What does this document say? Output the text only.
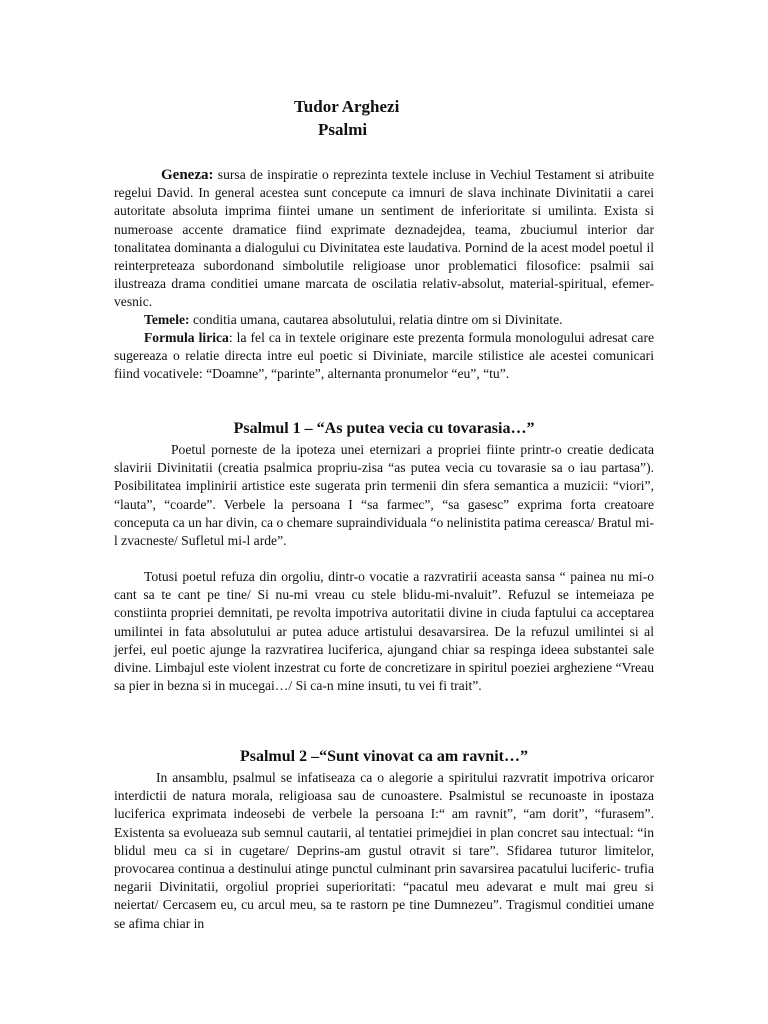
Tudor Arghezi
Psalmi
Geneza: sursa de inspiratie o reprezinta textele incluse in Vechiul Testament si atribuite regelui David. In general acestea sunt concepute ca imnuri de slava inchinate Divinitatii a carei autoritate absoluta imprima fiintei umane un sentiment de inferioritate si umilinta. Exista si numeroase accente dramatice fiind exprimate deznadejdea, teama, zbuciumul interior dar tonalitatea dominanta a dialogului cu Divinitatea este laudativa. Pornind de la acest model poetul il reinterpreteaza subordonand simbolutile religioase unor problematici filosofice: psalmii sai ilustreaza drama conditiei umane marcata de oscilatia relativ-absolut, material-spiritual, efemer-vesnic.
Temele: conditia umana, cautarea absolutului, relatia dintre om si Divinitate.
Formula lirica: la fel ca in textele originare este prezenta formula monologului adresat care sugereaza o relatie directa intre eul poetic si Diviniate, marcile stilistice ale acestei comunicari fiind vocativele: “Doamne”, “parinte”, alternanta pronumelor “eu”, “tu”.
Psalmul 1 – “As putea vecia cu tovarasia…”
Poetul porneste de la ipoteza unei eternizari a propriei fiinte printr-o creatie dedicata slavirii Divinitatii (creatia psalmica propriu-zisa “as putea vecia cu tovarasie sa o iau partasa”). Posibilitatea implinirii artistice este sugerata prin termenii din sfera semantica a muzicii: “viori”, “lauta”, “coarde”. Verbele la persoana I “sa farmec”, “sa gasesc” exprima forta creatoare conceputa ca un har divin, ca o chemare supraindividuala “o nelinistita patima cereasca/ Bratul mi-l zvacneste/ Sufletul mi-l arde”.
Totusi poetul refuza din orgoliu, dintr-o vocatie a razvratirii aceasta sansa “ painea nu mi-o cant sa te cant pe tine/ Si nu-mi vreau cu stele blidu-mi-nvaluit”. Refuzul se intemeiaza pe constiinta propriei demnitati, pe revolta impotriva autoritatii divine in ciuda faptului ca acceptarea umilintei in fata absolutului ar putea aduce artistului desavarsirea. De la refuzul umilintei si al jerfei, eul poetic ajunge la razvratirea luciferica, ajungand chiar sa respinga ideea substantei sale divine. Limbajul este violent inzestrat cu forte de concretizare in spiritul poeziei argheziene “Vreau sa pier in bezna si in mucegai…/ Si ca-n mine insuti, tu vei fi trait”.
Psalmul 2 –“Sunt vinovat ca am ravnit…”
In ansamblu, psalmul se infatiseaza ca o alegorie a spiritului razvratit impotriva oricaror interdictii de natura morala, religioasa sau de cunoastere. Psalmistul se recunoaste in ipostaza luciferica exprimata indeosebi de verbele la persoana I:“ am ravnit”, “am dorit”, “furasem”. Existenta sa evolueaza sub semnul cautarii, al tentatiei primejdiei in plan concret sau intectual: “in blidul meu ca si in cugetare/ Deprins-am gustul otravit si tare”. Sfidarea tuturor limitelor, provocarea continua a destinului atinge punctul culminant prin savarsirea pacatului luciferic- trufia negarii Divinitatii, orgoliul propriei superioritati: “pacatul meu adevarat e mult mai greu si neiertat/ Cercasem eu, cu arcul meu, sa te rastorn pe tine Dumnezeu”. Tragismul conditiei umane se afima chiar in
